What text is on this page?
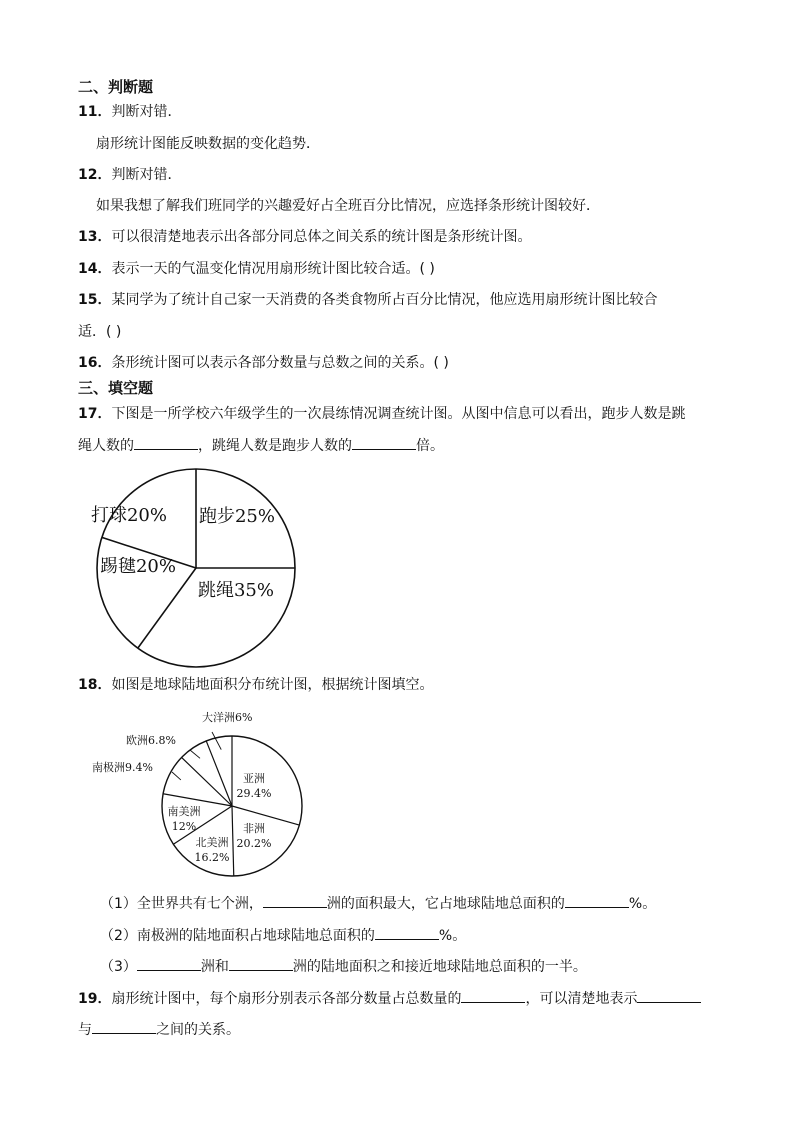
二、判断题
11．判断对错．
扇形统计图能反映数据的变化趋势．
12．判断对错．
如果我想了解我们班同学的兴趣爱好占全班百分比情况，应选择条形统计图较好．
13．可以很清楚地表示出各部分同总体之间关系的统计图是条形统计图。
14．表示一天的气温变化情况用扇形统计图比较合适。( )
15．某同学为了统计自己家一天消费的各类食物所占百分比情况，他应选用扇形统计图比较合
适．( )
16．条形统计图可以表示各部分数量与总数之间的关系。( )
三、填空题
17．下图是一所学校六年级学生的一次晨练情况调查统计图。从图中信息可以看出，跑步人数是跳
绳人数的	，跳绳人数是跑步人数的	倍。
跑步25%
跳绳35%
踢毽20%
打球20%
18．如图是地球陆地面积分布统计图，根据统计图填空。
亚洲
29.4%
非洲
20.2%
北美洲
16.2%
南美洲
12%
南极洲9.4%
欧洲6.8%
大洋洲6%
（1）全世界共有七个洲，	洲的面积最大，它占地球陆地总面积的	%。
（2）南极洲的陆地面积占地球陆地总面积的	%。
（3）	洲和	洲的陆地面积之和接近地球陆地总面积的一半。
19．扇形统计图中，每个扇形分别表示各部分数量占总数量的	，可以清楚地表示
与	之间的关系。
